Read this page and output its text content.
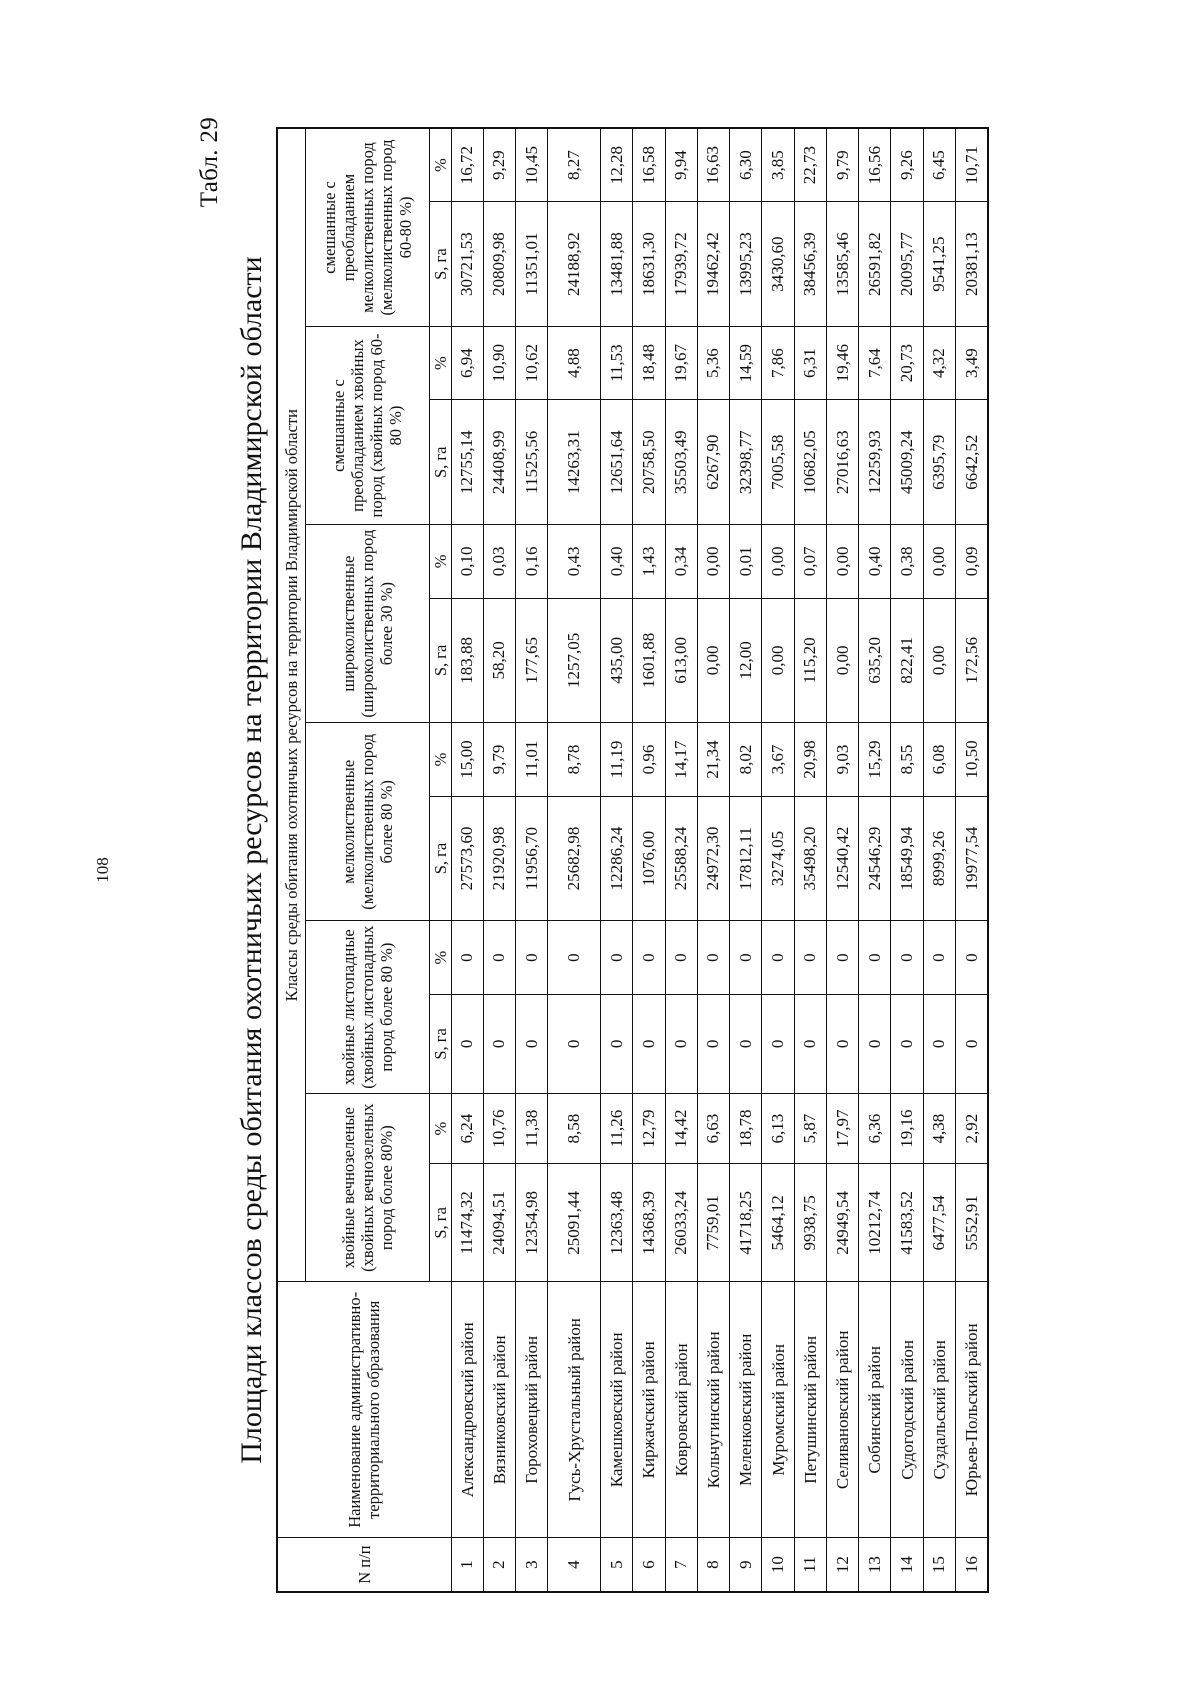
108
Табл. 29
Площади классов среды обитания охотничьих ресурсов на территории Владимирской области
N п/п	Наименование административно-территориального образования	Классы среды обитания охотничьих ресурсов на территории Владимирской области											
		хвойные вечнозеленые (хвойных вечнозеленых пород более 80%)		хвойные листопадные (хвойных листопадных пород более 80 %)		мелколиственные (мелколиственных пород более 80 %)		широколиственные (широколиственных пород более 30 %)		смешанные с преобладанием хвойных пород (хвойных пород 60-80 %)		смешанные с преобладанием мелколиственных пород (мелколиственных пород 60-80 %)	
		S, га	%	S, га	%	S, га	%	S, га	%	S, га	%	S, га	%
1	Александровский район	11474,32	6,24	0	0	27573,60	15,00	183,88	0,10	12755,14	6,94	30721,53	16,72
2	Вязниковский район	24094,51	10,76	0	0	21920,98	9,79	58,20	0,03	24408,99	10,90	20809,98	9,29
3	Гороховецкий район	12354,98	11,38	0	0	11956,70	11,01	177,65	0,16	11525,56	10,62	11351,01	10,45
4	Гусь-Хрустальный район	25091,44	8,58	0	0	25682,98	8,78	1257,05	0,43	14263,31	4,88	24188,92	8,27
5	Камешковский район	12363,48	11,26	0	0	12286,24	11,19	435,00	0,40	12651,64	11,53	13481,88	12,28
6	Киржачский район	14368,39	12,79	0	0	1076,00	0,96	1601,88	1,43	20758,50	18,48	18631,30	16,58
7	Ковровский район	26033,24	14,42	0	0	25588,24	14,17	613,00	0,34	35503,49	19,67	17939,72	9,94
8	Кольчугинский район	7759,01	6,63	0	0	24972,30	21,34	0,00	0,00	6267,90	5,36	19462,42	16,63
9	Меленковский район	41718,25	18,78	0	0	17812,11	8,02	12,00	0,01	32398,77	14,59	13995,23	6,30
10	Муромский район	5464,12	6,13	0	0	3274,05	3,67	0,00	0,00	7005,58	7,86	3430,60	3,85
11	Петушинский район	9938,75	5,87	0	0	35498,20	20,98	115,20	0,07	10682,05	6,31	38456,39	22,73
12	Селивановский район	24949,54	17,97	0	0	12540,42	9,03	0,00	0,00	27016,63	19,46	13585,46	9,79
13	Собинский район	10212,74	6,36	0	0	24546,29	15,29	635,20	0,40	12259,93	7,64	26591,82	16,56
14	Судогодский район	41583,52	19,16	0	0	18549,94	8,55	822,41	0,38	45009,24	20,73	20095,77	9,26
15	Суздальский район	6477,54	4,38	0	0	8999,26	6,08	0,00	0,00	6395,79	4,32	9541,25	6,45
16	Юрьев-Польский район	5552,91	2,92	0	0	19977,54	10,50	172,56	0,09	6642,52	3,49	20381,13	10,71
